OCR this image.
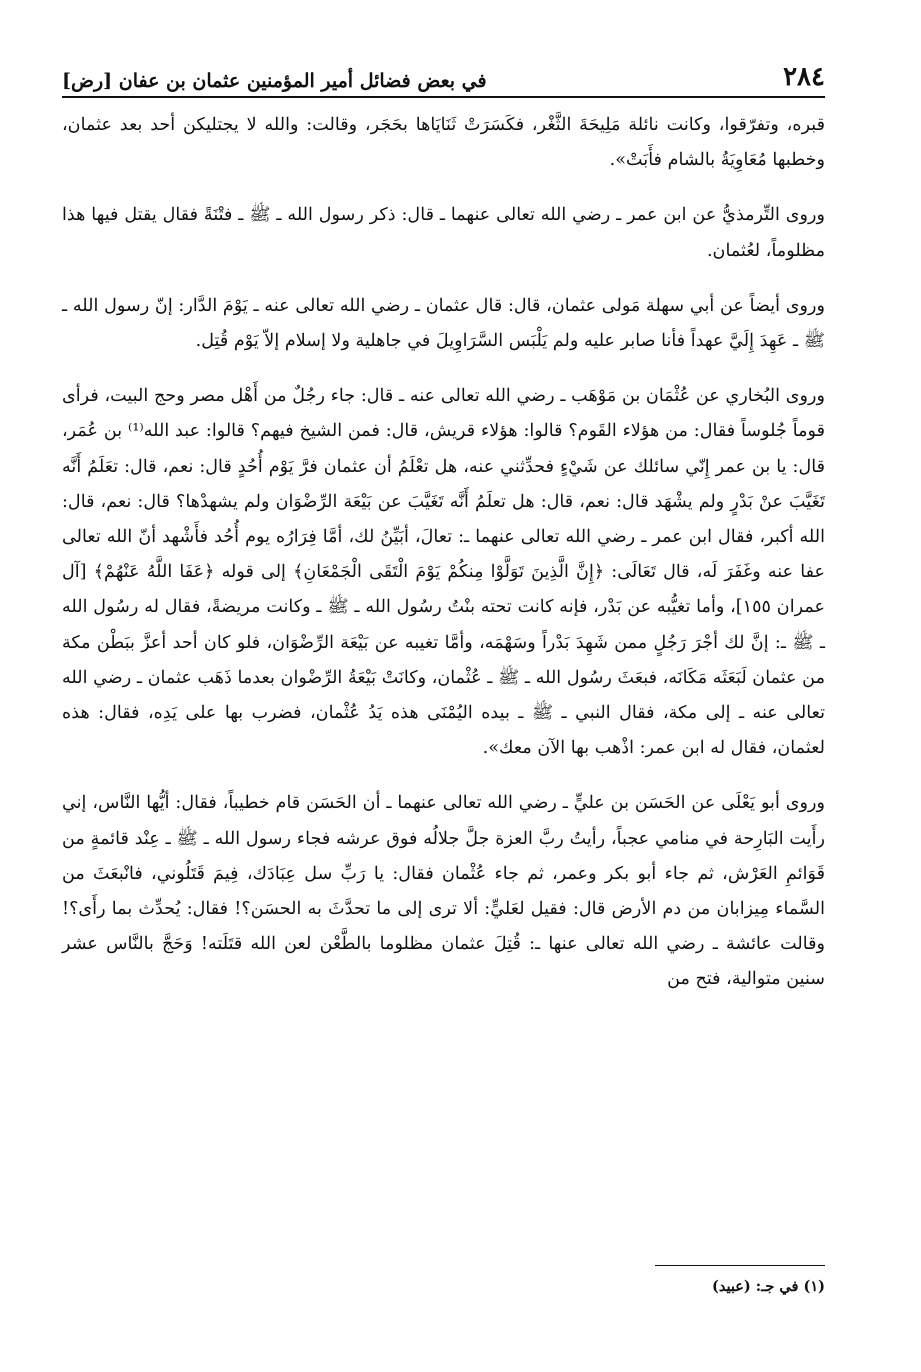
٢٨٤
في بعض فضائل أمير المؤمنين عثمان بن عفان [رض]

قبره، وتفرّقوا، وكانت نائلة مَلِيحَةَ الثَّغْر، فكَسَرَتْ ثَنَايَاها بحَجَر، وقالت: والله لا يجتليكن أحد بعد عثمان، وخطبها مُعَاوِيَةُ بالشام فأَبَتْ».

وروى التِّرمذيُّ عن ابن عمر ـ رضي الله تعالى عنهما ـ قال: ذكر رسول الله ـ ﷺ ـ فتْنَةً فقال يقتل فيها هذا مظلوماً، لعُثمان.

وروى أيضاً عن أبي سهلة مَولى عثمان، قال: قال عثمان ـ رضي الله تعالى عنه ـ يَوْمَ الدَّار: إنّ رسول الله ـ ﷺ ـ عَهِدَ إِلَيَّ عهداً فأنا صابر عليه ولم يَلْبَس السَّرَاوِيلَ في جاهلية ولا إسلام إلاّ يَوْم قُتِل.

وروى البُخاري عن عُثْمَان بن مَوْهَب ـ رضي الله تعالى عنه ـ قال: جاء رجُلٌ من أَهْل مصر وحج البيت، فرأى قوماً جُلوساً فقال: من هؤلاء القَوم؟ قالوا: هؤلاء قريش، قال: فمن الشيخ فيهم؟ قالوا: عبد الله⁽¹⁾ بن عُمَر، قال: يا بن عمر إِنّي سائلك عن شَيْءٍ فحدِّثني عنه، هل تعْلَمُ أن عثمان فرَّ يَوْم أُحُدٍ قال: نعم، قال: تعَلَمُ أَنَّه تَغَيَّبَ عنْ بَدْرٍ ولم يشْهَد قال: نعم، قال: هل تعلَمُ أَنَّه تَغَيَّبَ عن بَيْعَة الرِّضْوَان ولم يشهدْها؟ قال: نعم، قال: الله أكبر، فقال ابن عمر ـ رضي الله تعالى عنهما ـ: تعالَ، أبَيِّنُ لك، أمَّا فِرَارُه يوم أُحُد فأَشْهد أنّ الله تعالى عفا عنه وغَفَرَ لَه، قال تَعَالَى: ﴿إِنَّ الَّذِينَ تَوَلَّوْا مِنكُمْ يَوْمَ الْتَقَى الْجَمْعَانِ﴾ إلى قوله ﴿عَفَا اللَّهُ عَنْهُمْ﴾ [آل عمران ١٥٥]، وأما تغيُّبه عن بَدْر، فإنه كانت تحته بنْتُ رسُول الله ـ ﷺ ـ وكانت مريضةً، فقال له رسُول الله ـ ﷺ ـ: إنَّ لك أجْرَ رَجُلٍ ممن شَهِدَ بَدْراً وسَهْمَه، وأمَّا تغيبه عن بَيْعَة الرِّضْوَان، فلو كان أحد أعزَّ ببَطْن مكة من عثمان لَبَعَثَه مَكَانَه، فبعَثَ رسُول الله ـ ﷺ ـ عُثْمان، وكانَتْ بَيْعَةُ الرِّضْوان بعدما ذَهَب عثمان ـ رضي الله تعالى عنه ـ إلى مكة، فقال النبي ـ ﷺ ـ بيده اليُمْنَى هذه يَدُ عُثْمان، فضرب بها على يَدِه، فقال: هذه لعثمان، فقال له ابن عمر: اذْهب بها الآن معك».

وروى أبو يَعْلَى عن الحَسَن بن عليٍّ ـ رضي الله تعالى عنهما ـ أن الحَسَن قام خطيباً، فقال: أيُّها النَّاس، إني رأَيت البَارِحة في منامي عجباً، رأيتُ ربَّ العزة جلَّ جلالُه فوق عرشه فجاء رسول الله ـ ﷺ ـ عِنْد قائمةٍ من قَوَائمِ العَرْش، ثم جاء أبو بكر وعمر، ثم جاء عُثْمان فقال: يا رَبِّ سل عِبَادَك، فِيمَ قَتَلُوني، فانْبعَثَ من السَّماء مِيزابان من دم الأرض قال: فقيل لعَليٍّ: ألا ترى إلى ما تحدَّثَ به الحسَن؟! فقال: يُحدِّث بما رأَى؟! وقالت عائشة ـ رضي الله تعالى عنها ـ: قُتِلَ عثمان مظلوما بالطَّعْن لعن الله قتَلَته! وَحَجَّ بالنَّاس عشر سنين متوالية، فتح من

(١) في جـ: (عبيد)
